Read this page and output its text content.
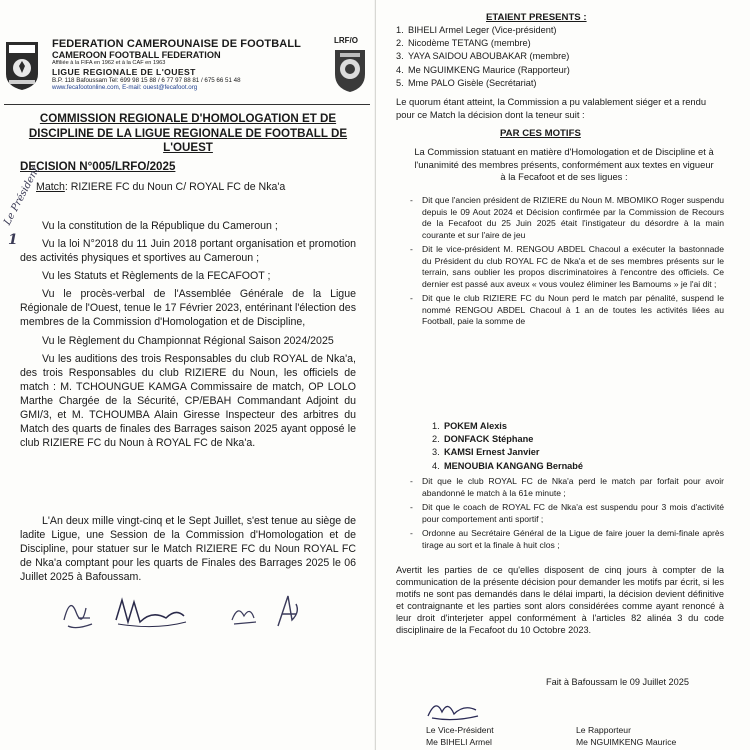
FEDERATION CAMEROUNAISE DE FOOTBALL
CAMEROON FOOTBALL FEDERATION
Affiliée à la FIFA en 1962 et à la CAF en 1963
LIGUE REGIONALE DE L'OUEST
B.P. 118 Bafoussam Tel: 699 98 15 88 / 6 77 97 88 81 / 675 66 51 48
www.fecafootonline.com, E-mail: ouest@fecafoot.org
LRF/O
COMMISSION REGIONALE D'HOMOLOGATION ET DE DISCIPLINE DE LA LIGUE REGIONALE DE FOOTBALL DE L'OUEST
DECISION N°005/LRFO/2025
Match: RIZIERE FC du Noun C/ ROYAL FC de Nka'a
Le Président
1

Vu la constitution de la République du Cameroun ;

Vu la loi N°2018 du 11 Juin 2018 portant organisation et promotion des activités physiques et sportives au Cameroun ;

Vu les Statuts et Règlements de la FECAFOOT ;

Vu le procès-verbal de l'Assemblée Générale de la Ligue Régionale de l'Ouest, tenue le 17 Février 2023, entérinant l'élection des membres de la Commission d'Homologation et de Discipline,

Vu le Règlement du Championnat Régional Saison 2024/2025

Vu les auditions des trois Responsables du club ROYAL de Nka'a, des trois Responsables du club RIZIERE du Noun, les officiels de match : M. TCHOUNGUE KAMGA Commissaire de match, OP LOLO Marthe Chargée de la Sécurité, CP/EBAH Commandant Adjoint du GMI/3, et M. TCHOUMBA Alain Giresse Inspecteur des arbitres du Match des quarts de finales des Barrages saison 2025 ayant opposé le club RIZIERE FC du Noun à ROYAL FC de Nka'a.

L'An deux mille vingt-cinq et le Sept Juillet, s'est tenue au siège de ladite Ligue, une Session de la Commission d'Homologation et de Discipline, pour statuer sur le Match RIZIERE FC du Noun ROYAL FC de Nka'a comptant pour les quarts de Finales des Barrages 2025 le 06 Juillet 2025 à Bafoussam.

ETAIENT PRESENTS :
1. BIHELI Armel Leger (Vice-président)
2. Nicodème TETANG (membre)
3. YAYA SAIDOU ABOUBAKAR (membre)
4. Me NGUIMKENG Maurice (Rapporteur)
5. Mme PALO Gisèle (Secrétariat)
Le quorum étant atteint, la Commission a pu valablement siéger et a rendu pour ce Match la décision dont la teneur suit :
PAR CES MOTIFS
La Commission statuant en matière d'Homologation et de Discipline et à l'unanimité des membres présents, conformément aux textes en vigueur à la Fecafoot et de ses ligues :
- Dit que l'ancien président de RIZIERE du Noun M. MBOMIKO Roger suspendu depuis le 09 Aout 2024 et Décision confirmée par la Commission de Recours de la Fecafoot du 25 Juin 2025 était l'instigateur du désordre à la main courante et sur l'aire de jeu
- Dit le vice-président M. RENGOU ABDEL Chacoul a exécuter la bastonnade du Président du club ROYAL FC de Nka'a et de ses membres présents sur le terrain, sans oublier les propos discriminatoires à l'encontre des officiels. Ce dernier est passé aux aveux « vous voulez éliminer les Bamoums » je l'ai dit ;
- Dit que le club RIZIERE FC du Noun perd le match par pénalité, suspend le nommé RENGOU ABDEL Chacoul à 1 an de toutes les activités liées au Football, paie la somme de
1. POKEM Alexis
2. DONFACK Stéphane
3. KAMSI Ernest Janvier
4. MENOUBIA KANGANG Bernabé
- Dit que le club ROYAL FC de Nka'a perd le match par forfait pour avoir abandonné le match à la 61e minute ;
- Dit que le coach de ROYAL FC de Nka'a est suspendu pour 3 mois d'activité pour comportement anti sportif ;
- Ordonne au Secrétaire Général de la Ligue de faire jouer la demi-finale après tirage au sort et la finale à huit clos ;
Avertit les parties de ce qu'elles disposent de cinq jours à compter de la communication de la présente décision pour demander les motifs par écrit, si les motifs ne sont pas demandés dans le délai imparti, la décision devient définitive et contraignante et les parties sont alors considérées comme ayant renoncé à leur droit d'interjeter appel conformément à l'articles 82 alinéa 3 du code disciplinaire de la Fecafoot du 10 Octobre 2023.
Fait à Bafoussam le 09 Juillet 2025
Le Vice-Président
Me BIHELI Armel
Le Rapporteur
Me NGUIMKENG Maurice
